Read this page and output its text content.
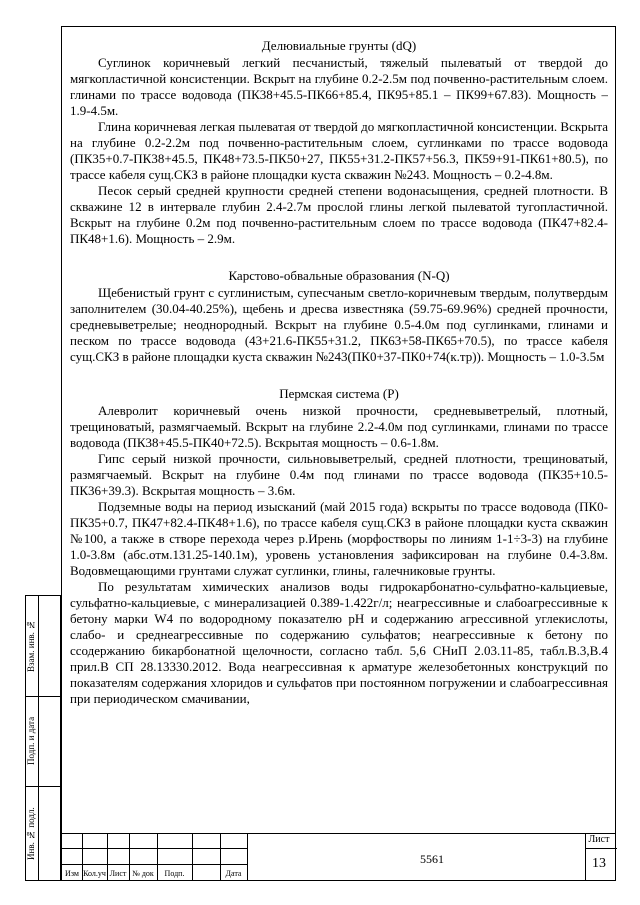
Делювиальные грунты (dQ)

Суглинок коричневый легкий песчанистый, тяжелый пылеватый от твердой до мягкопластичной консистенции. Вскрыт на глубине 0.2-2.5м под почвенно-растительным слоем. глинами по трассе водовода (ПК38+45.5-ПК66+85.4, ПК95+85.1 – ПК99+67.83). Мощность – 1.9-4.5м.

Глина коричневая легкая пылеватая от твердой до мягкопластичной консистенции. Вскрыта на глубине 0.2-2.2м под почвенно-растительным слоем, суглинками по трассе водовода (ПК35+0.7-ПК38+45.5, ПК48+73.5-ПК50+27, ПК55+31.2-ПК57+56.3, ПК59+91-ПК61+80.5), по трассе кабеля сущ.СКЗ в районе площадки куста скважин №243. Мощность – 0.2-4.8м.

Песок серый средней крупности средней степени водонасыщения, средней плотности. В скважине 12 в интервале глубин 2.4-2.7м прослой глины легкой пылеватой тугопластичной. Вскрыт на глубине 0.2м под почвенно-растительным слоем по трассе водовода (ПК47+82.4-ПК48+1.6). Мощность – 2.9м.

Карстово-обвальные образования (N-Q)

Щебенистый грунт с суглинистым, супесчаным светло-коричневым твердым, полутвердым заполнителем (30.04-40.25%), щебень и дресва известняка (59.75-69.96%) средней прочности, средневыветрелые; неоднородный. Вскрыт на глубине 0.5-4.0м под суглинками, глинами и песком по трассе водовода (43+21.6-ПК55+31.2, ПК63+58-ПК65+70.5), по трассе кабеля сущ.СКЗ в районе площадки куста скважин №243(ПК0+37-ПК0+74(к.тр)). Мощность – 1.0-3.5м

Пермская система (P)

Алевролит коричневый очень низкой прочности, средневыветрелый, плотный, трещиноватый, размягчаемый. Вскрыт на глубине 2.2-4.0м под суглинками, глинами по трассе водовода (ПК38+45.5-ПК40+72.5). Вскрытая мощность – 0.6-1.8м.

Гипс серый низкой прочности, сильновыветрелый, средней плотности, трещиноватый, размягчаемый. Вскрыт на глубине 0.4м под глинами по трассе водовода (ПК35+10.5-ПК36+39.3). Вскрытая мощность – 3.6м.

Подземные воды на период изысканий (май 2015 года) вскрыты по трассе водовода (ПК0-ПК35+0.7, ПК47+82.4-ПК48+1.6), по трассе кабеля сущ.СКЗ в районе площадки куста скважин №100, а также в створе перехода через р.Ирень (морфостворы по линиям 1-1÷3-3) на глубине 1.0-3.8м (абс.отм.131.25-140.1м), уровень установления зафиксирован на глубине 0.4-3.8м. Водовмещающими грунтами служат суглинки, глины, галечниковые грунты.

По результатам химических анализов воды гидрокарбонатно-сульфатно-кальциевые, сульфатно-кальциевые, с минерализацией 0.389-1.422г/л; неагрессивные и слабоагрессивные к бетону марки W4 по водородному показателю pH и содержанию агрессивной углекислоты, слабо- и среднеагрессивные по содержанию сульфатов; неагрессивные к бетону по ссодержанию бикарбонатной щелочности, согласно табл. 5,6 СНиП 2.03.11-85, табл.В.3,В.4 прил.В СП 28.13330.2012. Вода неагрессивная к арматуре железобетонных конструкций по показателям содержания хлоридов и сульфатов при постоянном погружении и слабоагрессивная при периодическом смачивании,

Взам. инв. №
Подп. и дата
Инв. № подл.
Изм Кол.уч Лист № док	Подп.	Дата
5561
Лист
13
